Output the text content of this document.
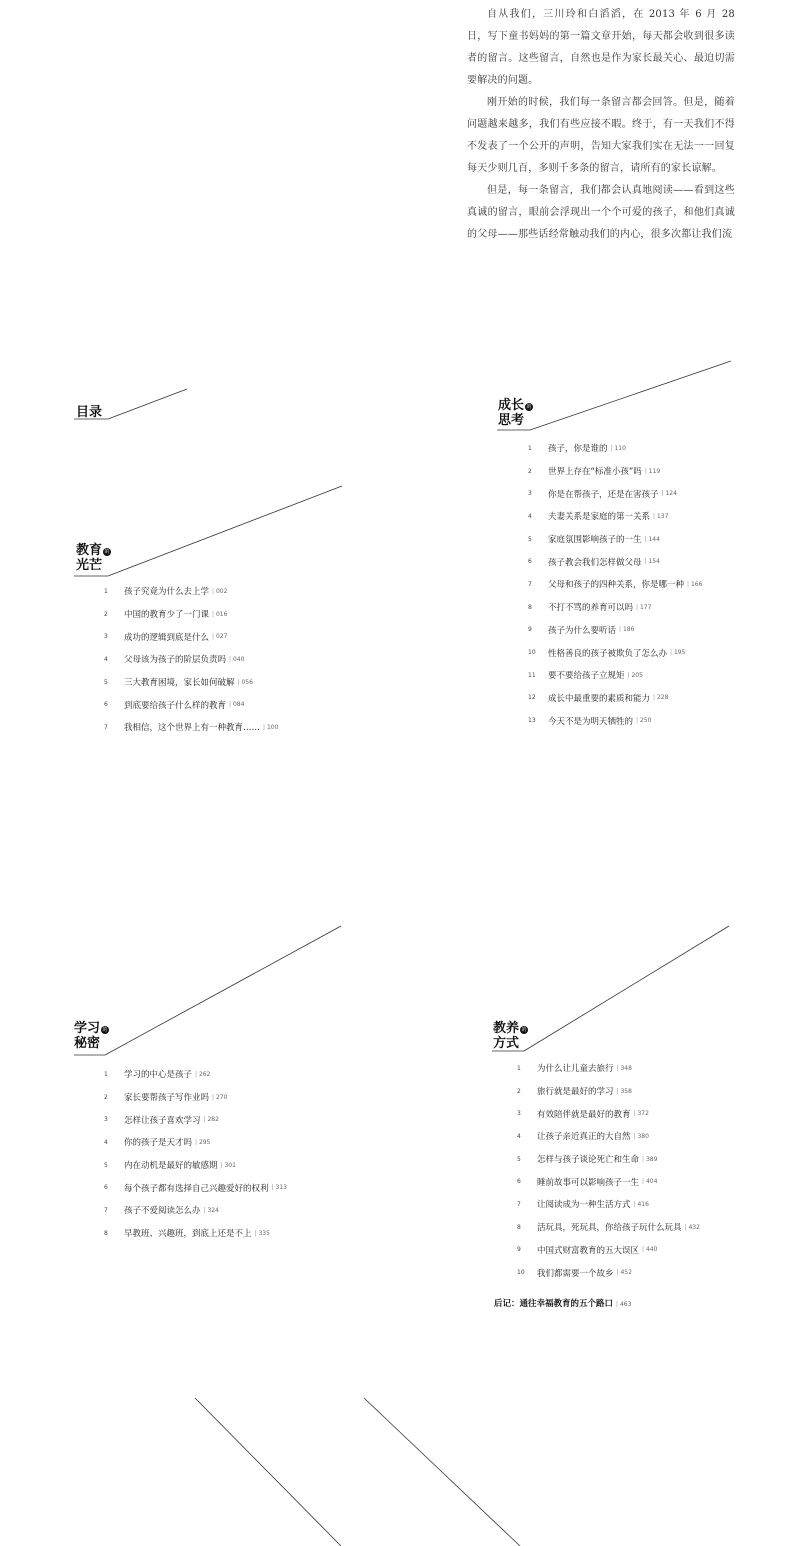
自从我们，三川玲和白滔滔，在 2013 年 6 月 28 日，写下童书妈妈的第一篇文章开始，每天都会收到很多读者的留言。这些留言，自然也是作为家长最关心、最迫切需要解决的问题。

刚开始的时候，我们每一条留言都会回答。但是，随着问题越来越多，我们有些应接不暇。终于，有一天我们不得不发表了一个公开的声明，告知大家我们实在无法一一回复每天少则几百，多则千多条的留言，请所有的家长谅解。

但是，每一条留言，我们都会认真地阅读——看到这些真诚的留言，眼前会浮现出一个个可爱的孩子，和他们真诚的父母——那些话经常触动我们的内心，很多次都让我们流

目录
教育 的
光芒
1	孩子究竟为什么去上学	| 002
2	中国的教育少了一门课	| 016
3	成功的逻辑到底是什么	| 027
4	父母该为孩子的阶层负责吗	| 040
5	三大教育困境，家长如何破解	| 056
6	到底要给孩子什么样的教育	| 084
7	我相信，这个世界上有一种教育……	| 100
成长 的
思考
1	孩子，你是谁的	| 110
2	世界上存在“标准小孩”吗	| 119
3	你是在帮孩子，还是在害孩子	| 124
4	夫妻关系是家庭的第一关系	| 137
5	家庭氛围影响孩子的一生	| 144
6	孩子教会我们怎样做父母	| 154
7	父母和孩子的四种关系，你是哪一种	| 166
8	不打不骂的养育可以吗	| 177
9	孩子为什么要听话	| 186
10	性格善良的孩子被欺负了怎么办	| 195
11	要不要给孩子立规矩	| 205
12	成长中最重要的素质和能力	| 228
13	今天不是为明天牺牲的	| 250
学习 的
秘密
1	学习的中心是孩子	| 262
2	家长要帮孩子写作业吗	| 270
3	怎样让孩子喜欢学习	| 282
4	你的孩子是天才吗	| 295
5	内在动机是最好的敏感期	| 301
6	每个孩子都有选择自己兴趣爱好的权利	| 313
7	孩子不爱阅读怎么办	| 324
8	早教班、兴趣班，到底上还是不上	| 335
教养 的
方式
1	为什么让儿童去旅行	| 348
2	旅行就是最好的学习	| 358
3	有效陪伴就是最好的教育	| 372
4	让孩子亲近真正的大自然	| 380
5	怎样与孩子谈论死亡和生命	| 389
6	睡前故事可以影响孩子一生	| 404
7	让阅读成为一种生活方式	| 416
8	活玩具，死玩具，你给孩子玩什么玩具	| 432
9	中国式财富教育的五大误区	| 440
10	我们都需要一个故乡	| 452
后记：通往幸福教育的五个路口 | 463
